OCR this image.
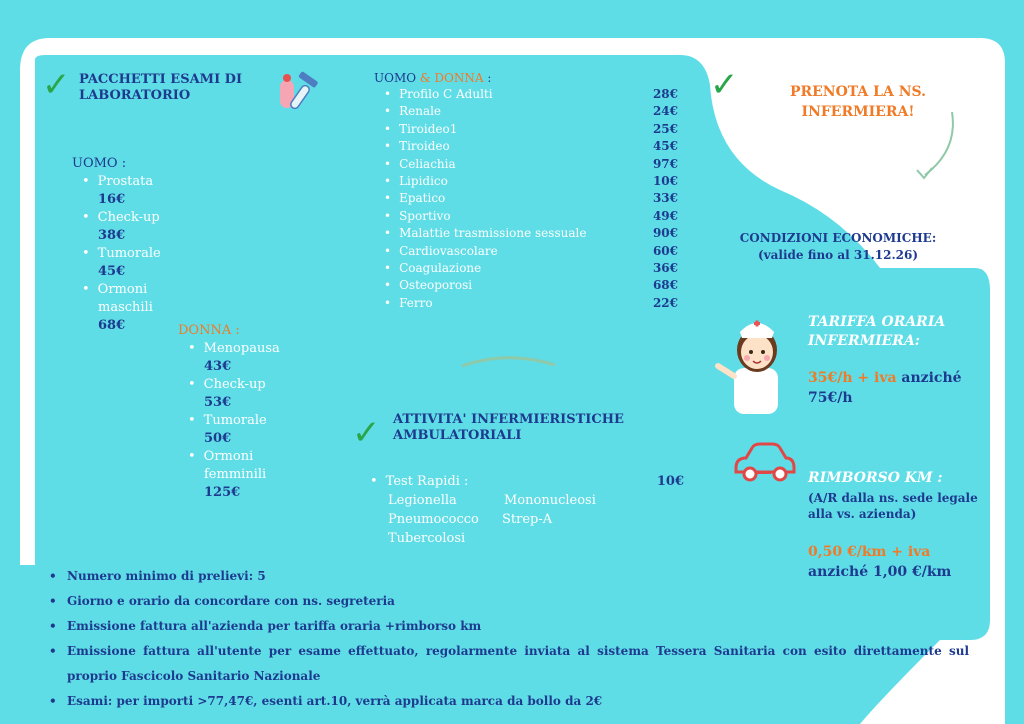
✓	✓
✓
PACCHETTI ESAMI DI
LABORATORIO
UOMO :
• Prostata
16€
• Check-up
38€
• Tumorale
45€
• Ormoni
maschili
68€	DONNA :
• Menopausa
43€
• Check-up
53€
• Tumorale
50€
• Ormoni
femminili
125€
UOMO & DONNA :
• Profilo C Adulti	28€
• Renale	24€
• Tiroideo1	25€
• Tiroideo	45€
• Celiachia	97€
• Lipidico	10€
• Epatico	33€
• Sportivo	49€
• Malattie trasmissione sessuale	90€
• Cardiovascolare	60€
• Coagulazione	36€
• Osteoporosi	68€
• Ferro	22€
ATTIVITA' INFERMIERISTICHE
AMBULATORIALI
• Test Rapidi :	10€
Legionella	Mononucleosi
Pneumococco Strep-A
Tubercolosi
PRENOTA LA NS.
INFERMIERA!
CONDIZIONI ECONOMICHE:
(valide fino al 31.12.26)
TARIFFA ORARIA
INFERMIERA:
35€/h + iva anziché
75€/h
RIMBORSO KM :
(A/R dalla ns. sede legale
alla vs. azienda)
0,50 €/km + iva
anziché 1,00 €/km
• Numero minimo di prelievi: 5
• Giorno e orario da concordare con ns. segreteria
• Emissione fattura all'azienda per tariffa oraria +rimborso km
• Emissione fattura all'utente per esame effettuato, regolarmente inviata al sistema Tessera Sanitaria con esito direttamente sul
proprio Fascicolo Sanitario Nazionale
• Esami: per importi >77,47€, esenti art.10, verrà applicata marca da bollo da 2€
